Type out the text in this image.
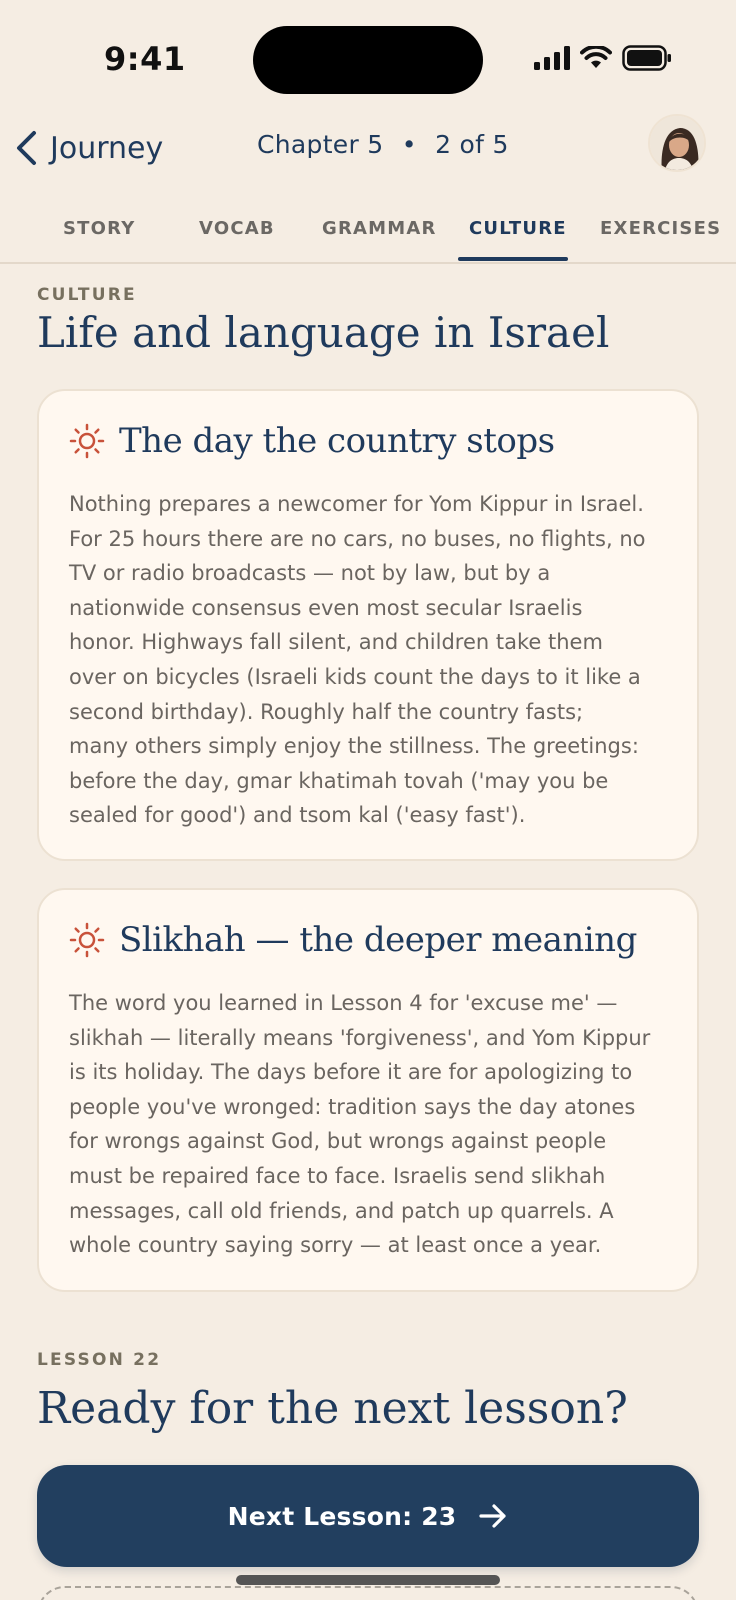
9:41
Journey	Chapter 5 • 2 of 5
STORY	VOCAB	GRAMMAR CULTURE EXERCISES
CULTURE
Life and language in Israel
The day the country stops
Nothing prepares a newcomer for Yom Kippur in Israel.
For 25 hours there are no cars, no buses, no flights, no
TV or radio broadcasts — not by law, but by a
nationwide consensus even most secular Israelis
honor. Highways fall silent, and children take them
over on bicycles (Israeli kids count the days to it like a
second birthday). Roughly half the country fasts;
many others simply enjoy the stillness. The greetings:
before the day, gmar khatimah tovah ('may you be
sealed for good') and tsom kal ('easy fast').
Slikhah — the deeper meaning
The word you learned in Lesson 4 for 'excuse me' —
slikhah — literally means 'forgiveness', and Yom Kippur
is its holiday. The days before it are for apologizing to
people you've wronged: tradition says the day atones
for wrongs against God, but wrongs against people
must be repaired face to face. Israelis send slikhah
messages, call old friends, and patch up quarrels. A
whole country saying sorry — at least once a year.
LESSON 22
Ready for the next lesson?
Next Lesson: 23
